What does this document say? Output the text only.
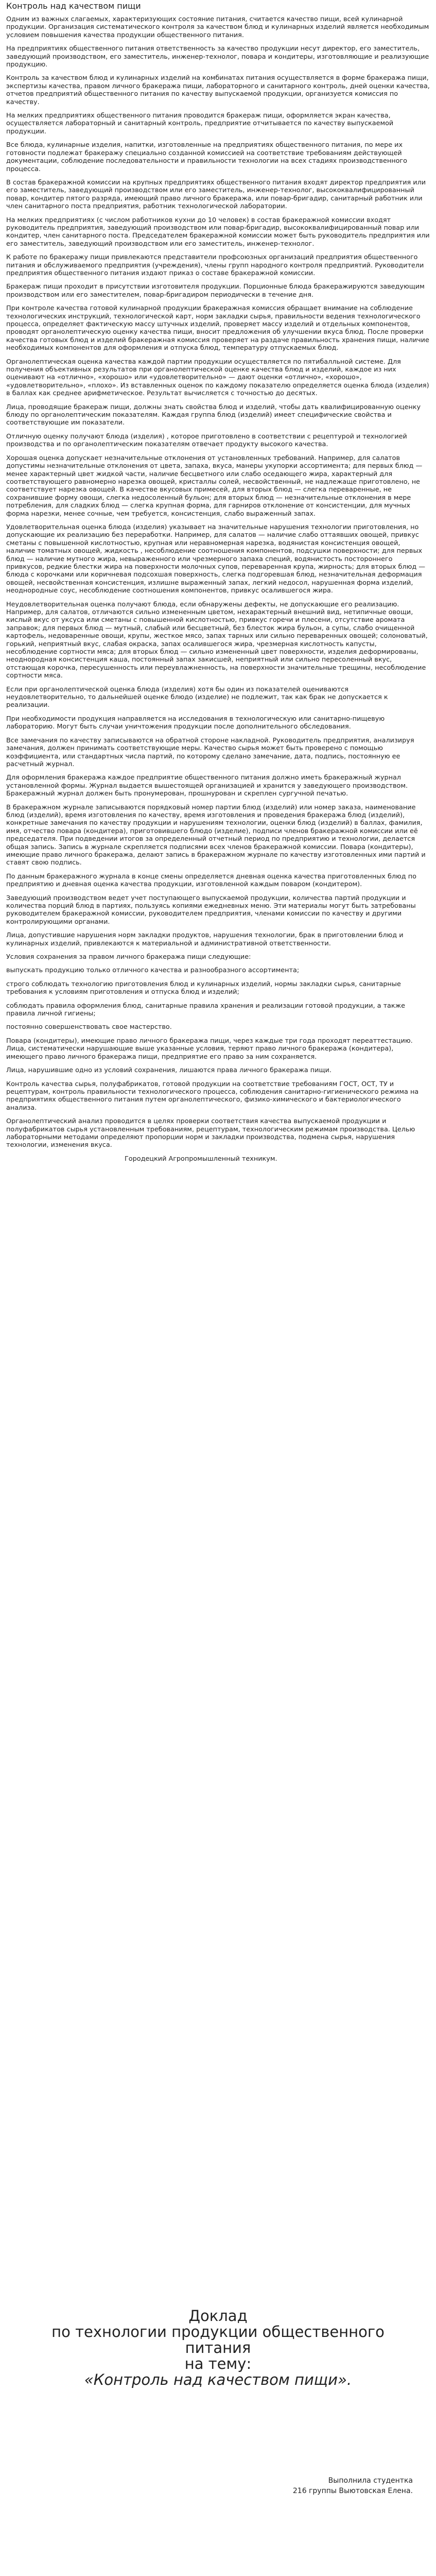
Контроль над качеством пищи

Одним из важных слагаемых, характеризующих состояние питания, считается качество пищи, всей кулинарной продукции. Организация систематического контроля за качеством блюд и кулинарных изделий является необходимым условием повышения качества продукции общественного питания.

На предприятиях общественного питания ответственность за качество продукции несут директор, его заместитель, заведующий производством, его заместитель, инженер-технолог, повара и кондитеры, изготовляющие и реализующие продукцию.

Контроль за качеством блюд и кулинарных изделий на комбинатах питания осуществляется в форме бракеража пищи, экспертизы качества, правом личного бракеража пищи, лабораторного и санитарного контроль, дней оценки качества, отчетов предприятий общественного питания по качеству выпускаемой продукции, организуется комиссия по качеству.

На мелких предприятиях общественного питания проводится бракераж пищи, оформляется экран качества, осуществляется лабораторный и санитарный контроль, предприятие отчитывается по качеству выпускаемой продукции.

Все блюда, кулинарные изделия, напитки, изготовленные на предприятиях общественного питания, по мере их готовности подлежат бракеражу специально созданной комиссией на соответствие требованиям действующей документации, соблюдение последовательности и правильности технологии на всех стадиях производственного процесса.

В состав бракеражной комиссии на крупных предприятиях общественного питания входят директор предприятия или его заместитель, заведующий производством или его заместитель, инженер-технолог, высококвалифицированный повар, кондитер пятого разряда, имеющий право личного бракеража, или повар-бригадир, санитарный работник или член санитарного поста предприятия, работник технологической лаборатории.

На мелких предприятиях (с числом работников кухни до 10 человек) в состав бракеражной комиссии входят руководитель предприятия, заведующий производством или повар-бригадир, высококвалифицированный повар или кондитер, член санитарного поста. Председателем бракеражной комиссии может быть руководитель предприятия или его заместитель, заведующий производством или его заместитель, инженер-технолог.

К работе по бракеражу пищи привлекаются представители профсоюзных организаций предприятия общественного питания и обслуживаемого предприятия (учреждения), члены групп народного контроля предприятий. Руководители предприятия общественного питания издают приказ о составе бракеражной комиссии.

Бракераж пищи проходит в присутствии изготовителя продукции. Порционные блюда бракеражируются заведующим производством или его заместителем, повар-бригадиром периодически в течение дня.

При контроле качества готовой кулинарной продукции бракеражная комиссия обращает внимание на соблюдение технологических инструкций, технологической карт, норм закладки сырья, правильности ведения технологического процесса, определяет фактическую массу штучных изделий, проверяет массу изделий и отдельных компонентов, проводят органолептическую оценку качества пищи, вносит предложения об улучшении вкуса блюд. После проверки качества готовых блюд и изделий бракеражная комиссия проверяет на раздаче правильность хранения пищи, наличие необходимых компонентов для оформления и отпуска блюд, температуру отпускаемых блюд.

Органолептическая оценка качества каждой партии продукции осуществляется по пятибалльной системе. Для получения объективных результатов при органолептической оценке качества блюд и изделий, каждое из них оценивают на «отлично», «хорошо» или «удовлетворительно» — дают оценки «отлично», «хорошо», «удовлетворительно», «плохо». Из вставленных оценок по каждому показателю определяется оценка блюда (изделия) в баллах как среднее арифметическое. Результат вычисляется с точностью до десятых.

Лица, проводящие бракераж пищи, должны знать свойства блюд и изделий, чтобы дать квалифицированную оценку блюду по органолептическим показателям. Каждая группа блюд (изделий) имеет специфические свойства и соответствующие им показатели.

Отличную оценку получают блюда (изделия) , которое приготовлено в соответствии с рецептурой и технологией производства и по органолептическим показателям отвечает продукту высокого качества.

Хорошая оценка допускает незначительные отклонения от установленных требований. Например, для салатов допустимы незначительные отклонения от цвета, запаха, вкуса, манеры укупорки ассортимента; для первых блюд — менее характерный цвет жидкой части, наличие бесцветного или слабо оседающего жира, характерный для соответствующего равномерно нарезка овощей, кристаллы солей, несвойственный, не надлежаще приготовлено, не соответствует нарезка овощей. В качестве вкусовых примесей, для вторых блюд — слегка переваренные, не сохранившие форму овощи, слегка недосоленный бульон; для вторых блюд — незначительные отклонения в мере потребления, для сладких блюд — слегка крупная форма, для гарниров отклонение от консистенции, для мучных форма нарезки, менее сочные, чем требуется, консистенция, слабо выраженный запах.

Удовлетворительная оценка блюда (изделия) указывает на значительные нарушения технологии приготовления, но допускающие их реализацию без переработки. Например, для салатов — наличие слабо оттаявших овощей, привкус сметаны с повышенной кислотностью, крупная или неравномерная нарезка, водянистая консистенция овощей, наличие томатных овощей, жидкость , несоблюдение соотношения компонентов, подсушки поверхности; для первых блюд — наличие мутного жира, невыраженного или чрезмерного запаха специй, водянистость постороннего привкусов, редкие блестки жира на поверхности молочных супов, переваренная крупа, жирность; для вторых блюд — блюда с корочками или коричневая подсохшая поверхность, слегка подгоревшая блюд, незначительная деформация овощей, несвойственная консистенция, излишне выраженный запах, легкий недосол, нарушенная форма изделий, неоднородные соус, несоблюдение соотношения компонентов, привкус осалившегося жира.

Неудовлетворительная оценка получают блюда, если обнаружены дефекты, не допускающие его реализацию. Например, для салатов, отличаются сильно измененным цветом, нехарактерный внешний вид, нетипичные овощи, кислый вкус от уксуса или сметаны с повышенной кислотностью, привкус горечи и плесени, отсутствие аромата заправок; для первых блюд — мутный, слабый или бесцветный, без блесток жира бульон, а супы, слабо очищенной картофель, недоваренные овощи, крупы, жесткое мясо, запах тарных или сильно переваренных овощей; солоноватый, горький, неприятный вкус, слабая окраска, запах осалившегося жира, чрезмерная кислотность капусты, несоблюдение сортности мяса; для вторых блюд — сильно измененный цвет поверхности, изделия деформированы, неоднородная консистенция каша, постоянный запах закисшей, неприятный или сильно пересоленный вкус, отстающая корочка, пересушенность или переувлажненность, на поверхности значительные трещины, несоблюдение сортности мяса.

Если при органолептической оценка блюда (изделия) хотя бы один из показателей оцениваются неудовлетворительно, то дальнейшей оценке блюдо (изделие) не подлежит, так как брак не допускается к реализации.

При необходимости продукция направляется на исследования в технологическую или санитарно-пищевую лабораторию. Могут быть случаи уничтожения продукции после дополнительного обследования.

Все замечания по качеству записываются на обратной стороне накладной. Руководитель предприятия, анализируя замечания, должен принимать соответствующие меры. Качество сырья может быть проверено с помощью коэффициента, или стандартных числа партий, по которому сделано замечание, дата, подпись, постоянную ее расчетный журнал.

Для оформления бракеража каждое предприятие общественного питания должно иметь бракеражный журнал установленной формы. Журнал выдается вышестоящей организацией и хранится у заведующего производством. Бракеражный журнал должен быть пронумерован, прошнурован и скреплен сургучной печатью.

В бракеражном журнале записываются порядковый номер партии блюд (изделий) или номер заказа, наименование блюд (изделий), время изготовления по качеству, время изготовления и проведения бракеража блюд (изделий), конкретные замечания по качеству продукции и нарушениям технологии, оценки блюд (изделий) в баллах, фамилия, имя, отчество повара (кондитера), приготовившего блюдо (изделие), подписи членов бракеражной комиссии или её председателя. При подведении итогов за определенный отчетный период по предприятию и технологии, делается общая запись. Запись в журнале скрепляется подписями всех членов бракеражной комиссии. Повара (кондитеры), имеющие право личного бракеража, делают запись в бракеражном журнале по качеству изготовленных ими партий и ставят свою подпись.

По данным бракеражного журнала в конце смены определяется дневная оценка качества приготовленных блюд по предприятию и дневная оценка качества продукции, изготовленной каждым поваром (кондитером).

Заведующий производством ведет учет поступающего выпускаемой продукции, количества партий продукции и количества порций блюд в партиях, пользуясь копиями ежедневных меню. Эти материалы могут быть затребованы руководителем бракеражной комиссии, руководителем предприятия, членами комиссии по качеству и другими контролирующими органами.

Лица, допустившие нарушения норм закладки продуктов, нарушения технологии, брак в приготовлении блюд и кулинарных изделий, привлекаются к материальной и административной ответственности.

Условия сохранения за правом личного бракеража пищи следующие:

выпускать продукцию только отличного качества и разнообразного ассортимента;

строго соблюдать технологию приготовления блюд и кулинарных изделий, нормы закладки сырья, санитарные требования к условиям приготовления и отпуска блюд и изделий;

соблюдать правила оформления блюд, санитарные правила хранения и реализации готовой продукции, а также правила личной гигиены;

постоянно совершенствовать свое мастерство.

Повара (кондитеры), имеющие право личного бракеража пищи, через каждые три года проходят переаттестацию. Лица, систематически нарушающие выше указанные условия, теряют право личного бракеража (кондитера), имеющего право личного бракеража пищи, предприятие его право за ним сохраняется.

Лица, нарушившие одно из условий сохранения, лишаются права личного бракеража пищи.

Контроль качества сырья, полуфабрикатов, готовой продукции на соответствие требованиям ГОСТ, ОСТ, ТУ и рецептурам, контроль правильности технологического процесса, соблюдения санитарно-гигиенического режима на предприятиях общественного питания путем органолептического, физико-химического и бактериологического анализа.

Органолептический анализ проводится в целях проверки соответствия качества выпускаемой продукции и полуфабрикатов сырья установленным требованиям, рецептурам, технологическим режимам производства. Целью лабораторными методами определяют пропорции норм и закладки производства, подмена сырья, нарушения технологии, изменения вкуса.

Городецкий Агропромышленный техникум.
Доклад
по технологии продукции общественного
питания
на тему:
«Контроль над качеством пищи».
Выполнила студентка
216 группы Выютовская Елена.
